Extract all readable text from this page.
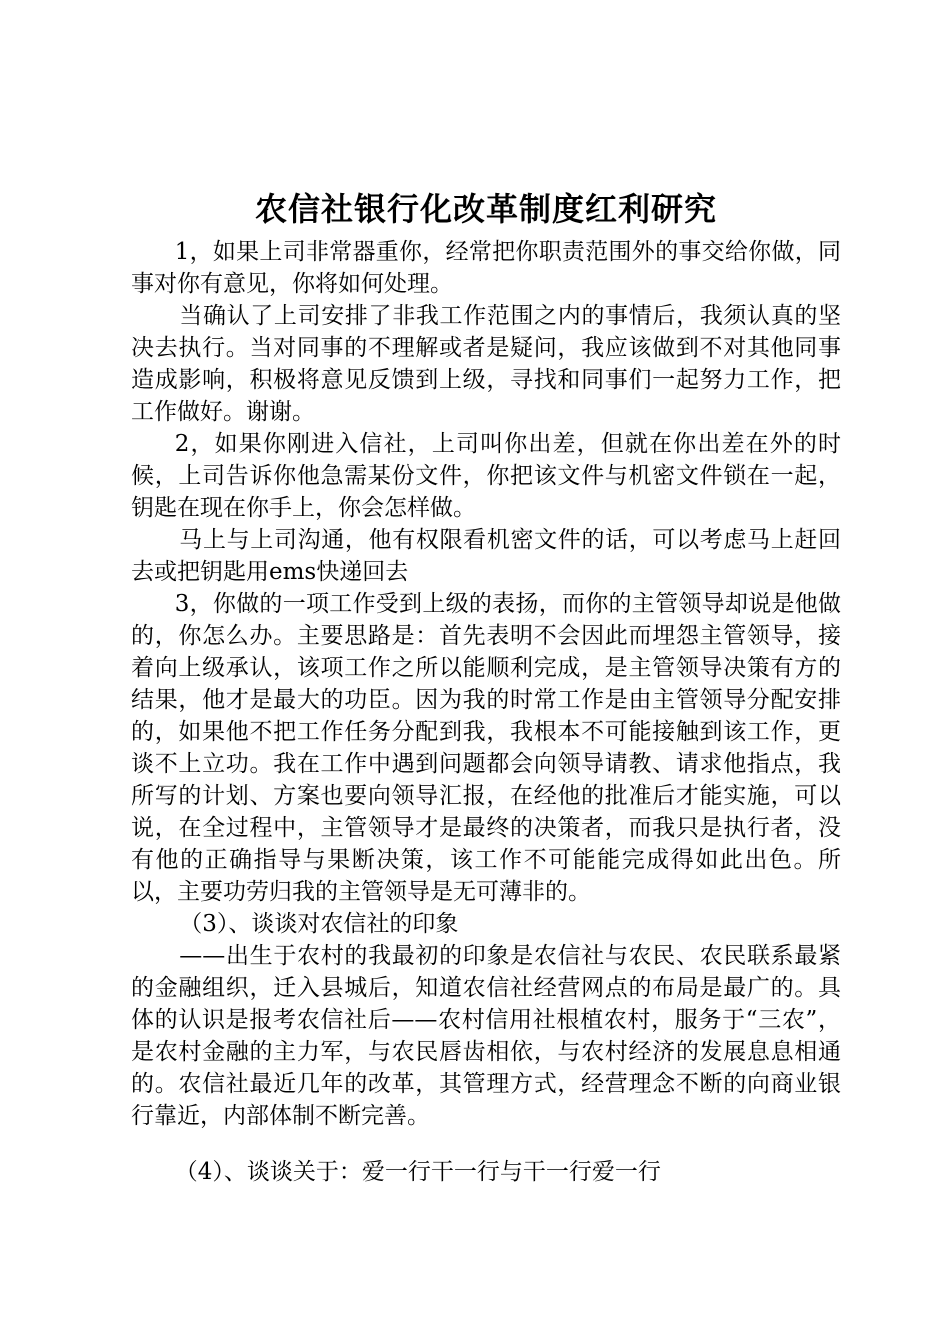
农信社银行化改革制度红利研究

1，如果上司非常器重你，经常把你职责范围外的事交给你做，同事对你有意见，你将如何处理。

当确认了上司安排了非我工作范围之内的事情后，我须认真的坚决去执行。当对同事的不理解或者是疑问，我应该做到不对其他同事造成影响，积极将意见反馈到上级，寻找和同事们一起努力工作，把工作做好。谢谢。

2，如果你刚进入信社，上司叫你出差，但就在你出差在外的时候，上司告诉你他急需某份文件，你把该文件与机密文件锁在一起，钥匙在现在你手上，你会怎样做。

马上与上司沟通，他有权限看机密文件的话，可以考虑马上赶回去或把钥匙用ems快递回去

3，你做的一项工作受到上级的表扬，而你的主管领导却说是他做的，你怎么办。主要思路是：首先表明不会因此而埋怨主管领导，接着向上级承认，该项工作之所以能顺利完成，是主管领导决策有方的结果，他才是最大的功臣。因为我的时常工作是由主管领导分配安排的，如果他不把工作任务分配到我，我根本不可能接触到该工作，更谈不上立功。我在工作中遇到问题都会向领导请教、请求他指点，我所写的计划、方案也要向领导汇报，在经他的批准后才能实施，可以说，在全过程中，主管领导才是最终的决策者，而我只是执行者，没有他的正确指导与果断决策，该工作不可能能完成得如此出色。所以，主要功劳归我的主管领导是无可薄非的。

（3）、谈谈对农信社的印象

——出生于农村的我最初的印象是农信社与农民、农民联系最紧的金融组织，迁入县城后，知道农信社经营网点的布局是最广的。具体的认识是报考农信社后——农村信用社根植农村，服务于“三农”，是农村金融的主力军，与农民唇齿相依，与农村经济的发展息息相通的。农信社最近几年的改革，其管理方式，经营理念不断的向商业银行靠近，内部体制不断完善。

（4）、谈谈关于：爱一行干一行与干一行爱一行
